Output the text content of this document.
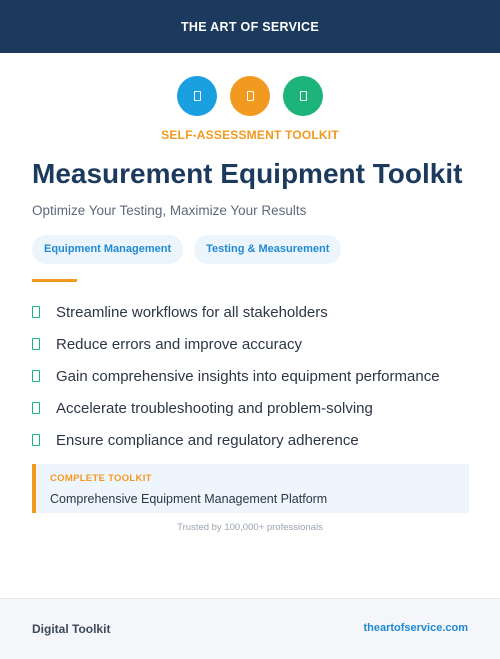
THE ART OF SERVICE
SELF-ASSESSMENT TOOLKIT
Measurement Equipment Toolkit
Optimize Your Testing, Maximize Your Results
Equipment Management	Testing & Measurement
Streamline workflows for all stakeholders
Reduce errors and improve accuracy
Gain comprehensive insights into equipment performance
Accelerate troubleshooting and problem-solving
Ensure compliance and regulatory adherence
COMPLETE TOOLKIT
Comprehensive Equipment Management Platform
Trusted by 100,000+ professionals
Digital Toolkit	theartofservice.com
